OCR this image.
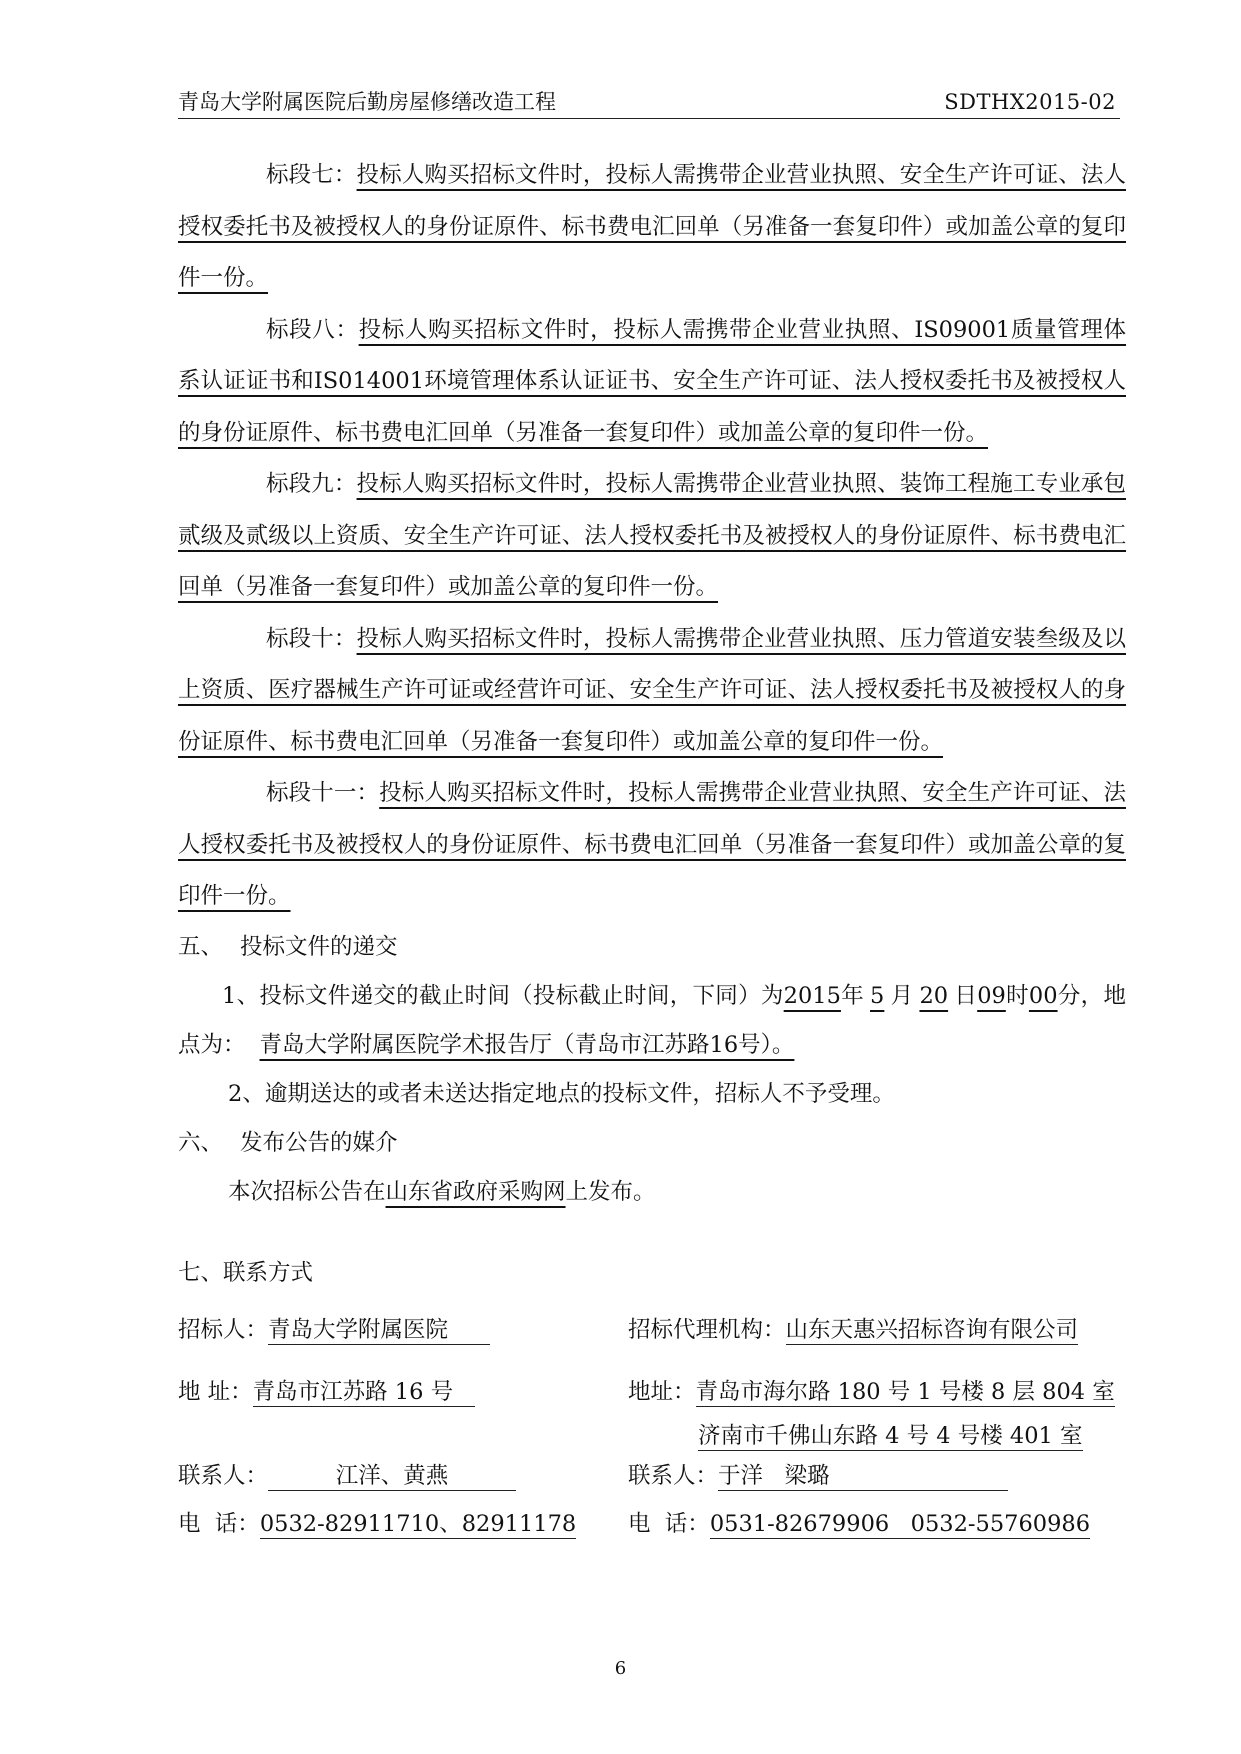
青岛大学附属医院后勤房屋修缮改造工程	SDTHX2015-02

标段七：投标人购买招标文件时，投标人需携带企业营业执照、安全生产许可证、法人授权委托书及被授权人的身份证原件、标书费电汇回单（另准备一套复印件）或加盖公章的复印件一份。

标段八：投标人购买招标文件时，投标人需携带企业营业执照、IS09001质量管理体系认证证书和IS014001环境管理体系认证证书、安全生产许可证、法人授权委托书及被授权人的身份证原件、标书费电汇回单（另准备一套复印件）或加盖公章的复印件一份。

标段九：投标人购买招标文件时，投标人需携带企业营业执照、装饰工程施工专业承包贰级及贰级以上资质、安全生产许可证、法人授权委托书及被授权人的身份证原件、标书费电汇回单（另准备一套复印件）或加盖公章的复印件一份。

标段十：投标人购买招标文件时，投标人需携带企业营业执照、压力管道安装叁级及以上资质、医疗器械生产许可证或经营许可证、安全生产许可证、法人授权委托书及被授权人的身份证原件、标书费电汇回单（另准备一套复印件）或加盖公章的复印件一份。

标段十一：投标人购买招标文件时，投标人需携带企业营业执照、安全生产许可证、法人授权委托书及被授权人的身份证原件、标书费电汇回单（另准备一套复印件）或加盖公章的复印件一份。

五、 投标文件的递交

1、投标文件递交的截止时间（投标截止时间，下同）为2015年 5 月 20 日09时00分，地点为： 青岛大学附属医院学术报告厅（青岛市江苏路16号）。

2、逾期送达的或者未送达指定地点的投标文件，招标人不予受理。

六、 发布公告的媒介

本次招标公告在山东省政府采购网上发布。

七、联系方式

招标人：青岛大学附属医院	招标代理机构：山东天惠兴招标咨询有限公司
地 址：青岛市江苏路 16 号	地址：青岛市海尔路 180 号 1 号楼 8 层 804 室
济南市千佛山东路 4 号 4 号楼 401 室
联系人：	江洋、黄燕	联系人：于洋   梁璐
电  话：0532-82911710、82911178 电  话：0531-82679906   0532-55760986
6
